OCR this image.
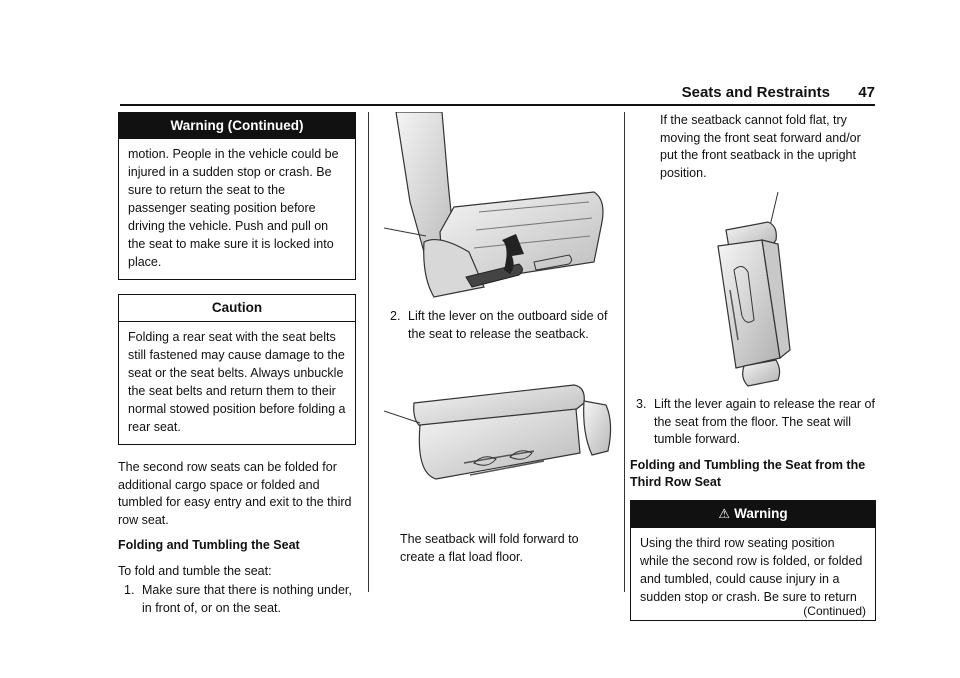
Seats and Restraints 47
Warning (Continued)
motion. People in the vehicle could be injured in a sudden stop or crash. Be sure to return the seat to the passenger seating position before driving the vehicle. Push and pull on the seat to make sure it is locked into place.
Caution
Folding a rear seat with the seat belts still fastened may cause damage to the seat or the seat belts. Always unbuckle the seat belts and return them to their normal stowed position before folding a rear seat.

The second row seats can be folded for additional cargo space or folded and tumbled for easy entry and exit to the third row seat.

Folding and Tumbling the Seat

To fold and tumble the seat:

1. Make sure that there is nothing under, in front of, or on the seat.
2. Lift the lever on the outboard side of the seat to release the seatback.

The seatback will fold forward to create a flat load floor.

If the seatback cannot fold flat, try moving the front seat forward and/or put the front seatback in the upright position.

3. Lift the lever again to release the rear of the seat from the floor. The seat will tumble forward.

Folding and Tumbling the Seat from the Third Row Seat

⚠ Warning
Using the third row seating position while the second row is folded, or folded and tumbled, could cause injury in a sudden stop or crash. Be sure to return
(Continued)
